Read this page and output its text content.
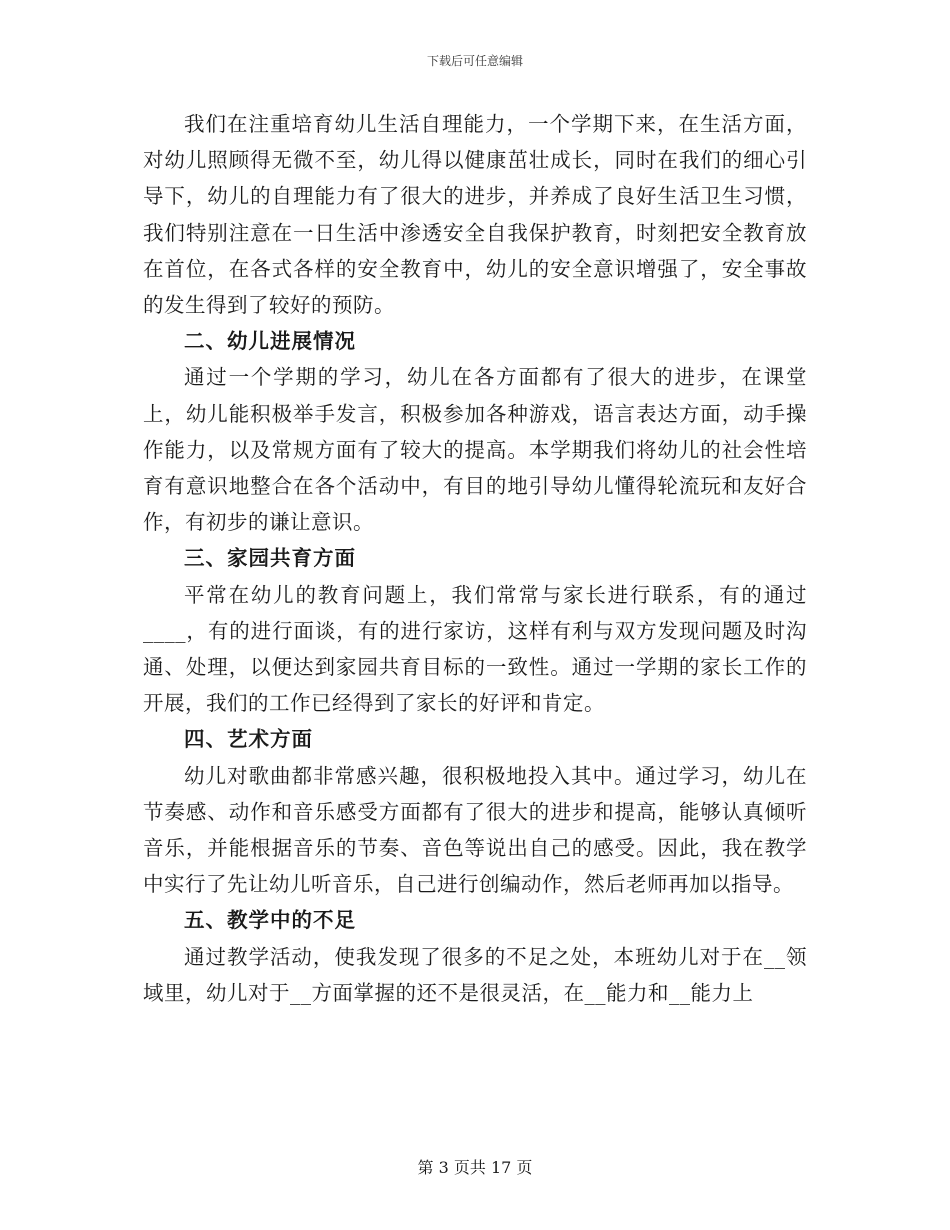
下载后可任意编辑

我们在注重培育幼儿生活自理能力，一个学期下来，在生活方面，对幼儿照顾得无微不至，幼儿得以健康茁壮成长，同时在我们的细心引导下，幼儿的自理能力有了很大的进步，并养成了良好生活卫生习惯，我们特别注意在一日生活中渗透安全自我保护教育，时刻把安全教育放在首位，在各式各样的安全教育中，幼儿的安全意识增强了，安全事故的发生得到了较好的预防。

二、幼儿进展情况

通过一个学期的学习，幼儿在各方面都有了很大的进步，在课堂上，幼儿能积极举手发言，积极参加各种游戏，语言表达方面，动手操作能力，以及常规方面有了较大的提高。本学期我们将幼儿的社会性培育有意识地整合在各个活动中，有目的地引导幼儿懂得轮流玩和友好合作，有初步的谦让意识。

三、家园共育方面

平常在幼儿的教育问题上，我们常常与家长进行联系，有的通过____，有的进行面谈，有的进行家访，这样有利与双方发现问题及时沟通、处理，以便达到家园共育目标的一致性。通过一学期的家长工作的开展，我们的工作已经得到了家长的好评和肯定。

四、艺术方面

幼儿对歌曲都非常感兴趣，很积极地投入其中。通过学习，幼儿在节奏感、动作和音乐感受方面都有了很大的进步和提高，能够认真倾听音乐，并能根据音乐的节奏、音色等说出自己的感受。因此，我在教学中实行了先让幼儿听音乐，自己进行创编动作，然后老师再加以指导。

五、教学中的不足

通过教学活动，使我发现了很多的不足之处，本班幼儿对于在__领域里，幼儿对于__方面掌握的还不是很灵活，在__能力和__能力上

第 3 页共 17 页
